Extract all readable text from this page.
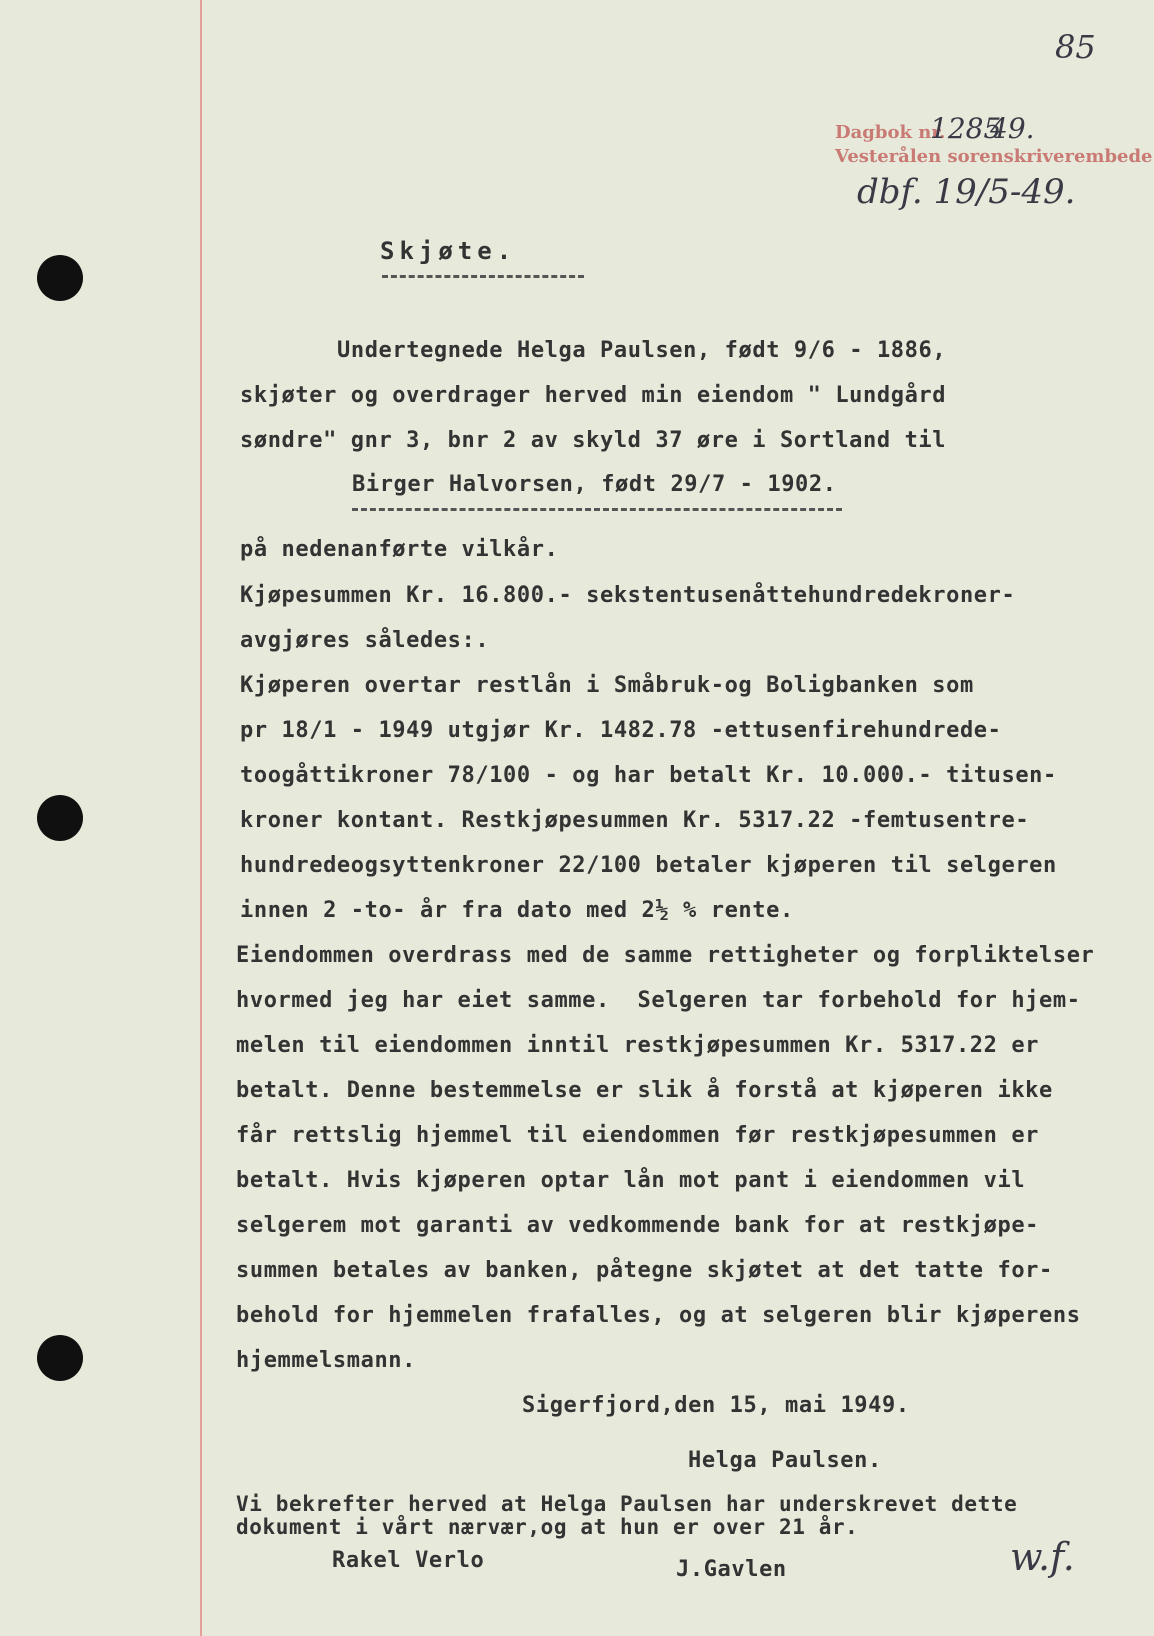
85
Dagbok nr.
1285
49.
Vesterålen sorenskriverembede
dbf. 19/5-49.
Skjøte.
Undertegnede Helga Paulsen, født 9/6 - 1886,
skjøter og overdrager herved min eiendom " Lundgård
søndre" gnr 3, bnr 2 av skyld 37 øre i Sortland til
Birger Halvorsen, født 29/7 - 1902.
på nedenanførte vilkår.
Kjøpesummen Kr. 16.800.- sekstentusenåttehundredekroner-
avgjøres således:.
Kjøperen overtar restlån i Småbruk-og Boligbanken som
pr 18/1 - 1949 utgjør Kr. 1482.78 -ettusenfirehundrede-
toogåttikroner 78/100 - og har betalt Kr. 10.000.- titusen-
kroner kontant. Restkjøpesummen Kr. 5317.22 -femtusentre-
hundredeogsyttenkroner 22/100 betaler kjøperen til selgeren
innen 2 -to- år fra dato med 2½ % rente.
Eiendommen overdrass med de samme rettigheter og forpliktelser
hvormed jeg har eiet samme.  Selgeren tar forbehold for hjem-
melen til eiendommen inntil restkjøpesummen Kr. 5317.22 er
betalt. Denne bestemmelse er slik å forstå at kjøperen ikke
får rettslig hjemmel til eiendommen før restkjøpesummen er
betalt. Hvis kjøperen optar lån mot pant i eiendommen vil
selgerem mot garanti av vedkommende bank for at restkjøpe-
summen betales av banken, påtegne skjøtet at det tatte for-
behold for hjemmelen frafalles, og at selgeren blir kjøperens
hjemmelsmann.
Sigerfjord,den 15, mai 1949.
Helga Paulsen.
Vi bekrefter herved at Helga Paulsen har underskrevet dette
dokument i vårt nærvær,og at hun er over 21 år.
Rakel Verlo	J.Gavlen	w.f.
